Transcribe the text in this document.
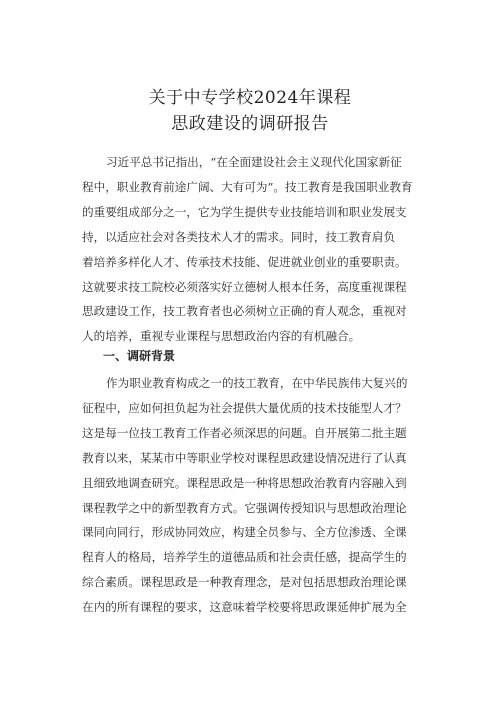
关于中专学校2024年课程
思政建设的调研报告
习近平总书记指出，“在全面建设社会主义现代化国家新征
程中，职业教育前途广阔、大有可为”。技工教育是我国职业教育
的重要组成部分之一，它为学生提供专业技能培训和职业发展支
持，以适应社会对各类技术人才的需求。同时，技工教育肩负
着培养多样化人才、传承技术技能、促进就业创业的重要职责。
这就要求技工院校必须落实好立德树人根本任务，高度重视课程
思政建设工作，技工教育者也必须树立正确的育人观念，重视对
人的培养，重视专业课程与思想政治内容的有机融合。
一、调研背景
作为职业教育构成之一的技工教育，在中华民族伟大复兴的
征程中，应如何担负起为社会提供大量优质的技术技能型人才？
这是每一位技工教育工作者必须深思的问题。自开展第二批主题
教育以来，某某市中等职业学校对课程思政建设情况进行了认真
且细致地调查研究。课程思政是一种将思想政治教育内容融入到
课程教学之中的新型教育方式。它强调传授知识与思想政治理论
课同向同行，形成协同效应，构建全员参与、全方位渗透、全课
程育人的格局，培养学生的道德品质和社会责任感，提高学生的
综合素质。课程思政是一种教育理念，是对包括思想政治理论课
在内的所有课程的要求，这意味着学校要将思政课延伸扩展为全
